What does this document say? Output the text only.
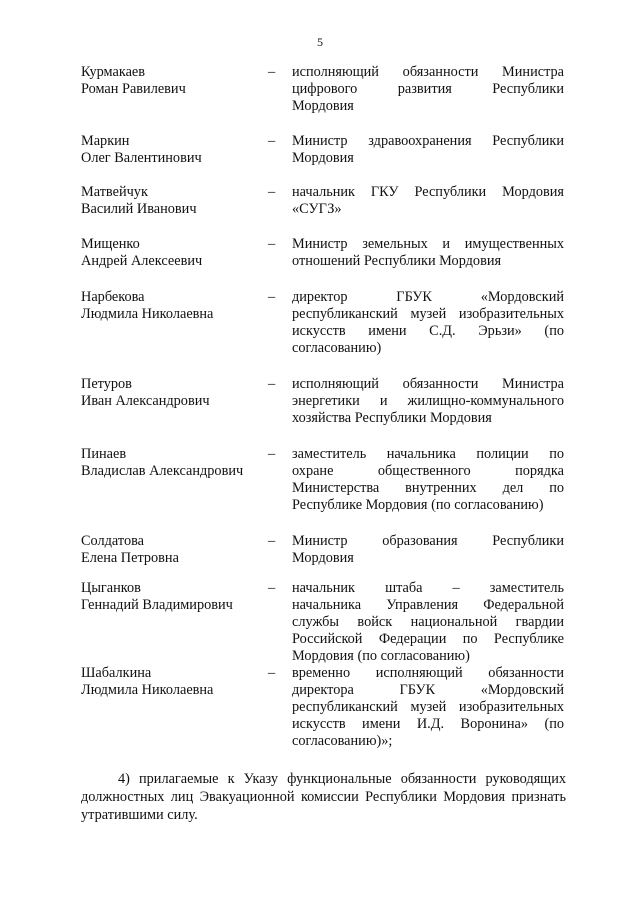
5
Курмакаев
Роман Равилевич
– исполняющий обязанности Министра
цифрового развития Республики
Мордовия
Маркин
Олег Валентинович
– Министр здравоохранения Республики
Мордовия
Матвейчук
Василий Иванович
– начальник ГКУ Республики Мордовия
«СУГЗ»
Мищенко
Андрей Алексеевич
– Министр земельных и имущественных
отношений Республики Мордовия
Нарбекова
Людмила Николаевна
– директор ГБУК «Мордовский
республиканский музей изобразительных
искусств имени С.Д. Эрьзи» (по
согласованию)
Петуров
Иван Александрович
– исполняющий обязанности Министра
энергетики и жилищно-коммунального
хозяйства Республики Мордовия
Пинаев
Владислав Александрович
– заместитель начальника полиции по
охране общественного порядка
Министерства внутренних дел по
Республике Мордовия (по согласованию)
Солдатова
Елена Петровна
– Министр образования Республики
Мордовия
Цыганков
Геннадий Владимирович
– начальник штаба – заместитель
начальника Управления Федеральной
службы войск национальной гвардии
Российской Федерации по Республике
Мордовия (по согласованию)
Шабалкина
Людмила Николаевна
– временно исполняющий обязанности
директора ГБУК «Мордовский
республиканский музей изобразительных
искусств имени И.Д. Воронина» (по
согласованию)»;
4) прилагаемые к Указу функциональные обязанности руководящих
должностных лиц Эвакуационной комиссии Республики Мордовия признать
утратившими силу.
